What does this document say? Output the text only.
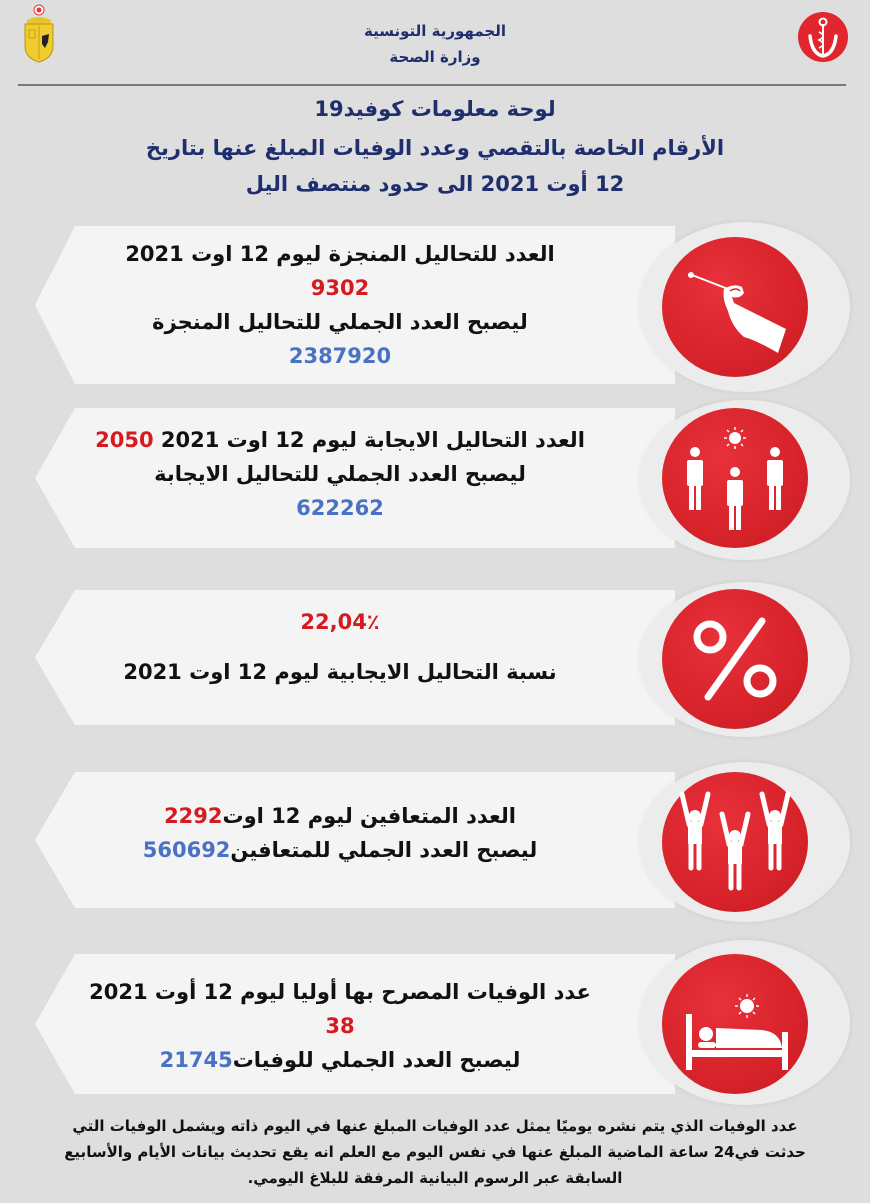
الجمهورية التونسية
وزارة الصحة
لوحة معلومات كوفيد19
الأرقام الخاصة بالتقصي وعدد الوفيات المبلغ عنها بتاريخ
12 أوت 2021 الى حدود منتصف اليل
العدد للتحاليل المنجزة ليوم 12 اوت 2021
9302
ليصبح العدد الجملي للتحاليل المنجزة
2387920
العدد التحاليل الايجابة ليوم 12 اوت 2021 2050
ليصبح العدد الجملي للتحاليل الايجابة
622262
22,04٪
نسبة التحاليل الايجابية ليوم 12 اوت 2021
العدد المتعافين ليوم 12 اوت2292
ليصبح العدد الجملي للمتعافين560692
عدد الوفيات المصرح بها أوليا ليوم 12 أوت 2021
38
ليصبح العدد الجملي للوفيات21745
عدد الوفيات الذي يتم نشره يوميًا يمثل عدد الوفيات المبلغ عنها في اليوم ذاته ويشمل الوفيات التي
حدثت في24 ساعة الماضية المبلغ عنها في نفس اليوم مع العلم انه يقع تحديث بيانات الأيام والأسابيع
السابقة عبر الرسوم البيانية المرفقة للبلاغ اليومي.
